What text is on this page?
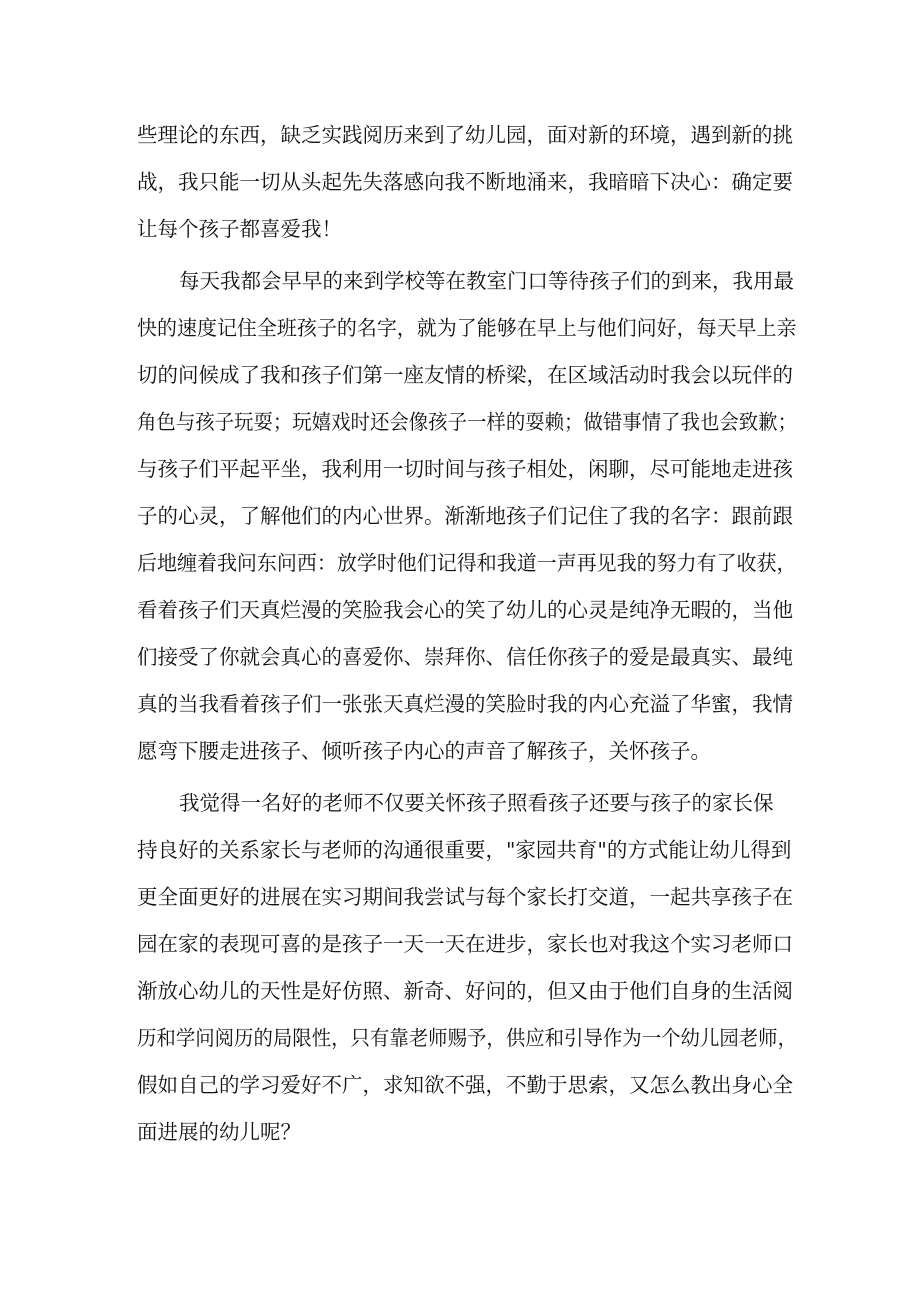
些理论的东西，缺乏实践阅历来到了幼儿园，面对新的环境，遇到新的挑
战，我只能一切从头起先失落感向我不断地涌来，我暗暗下决心：确定要
让每个孩子都喜爱我！
每天我都会早早的来到学校等在教室门口等待孩子们的到来，我用最
快的速度记住全班孩子的名字，就为了能够在早上与他们问好，每天早上亲
切的问候成了我和孩子们第一座友情的桥梁，在区域活动时我会以玩伴的
角色与孩子玩耍；玩嬉戏时还会像孩子一样的耍赖；做错事情了我也会致歉；
与孩子们平起平坐，我利用一切时间与孩子相处，闲聊，尽可能地走进孩
子的心灵，了解他们的内心世界。渐渐地孩子们记住了我的名字：跟前跟
后地缠着我问东问西：放学时他们记得和我道一声再见我的努力有了收获，
看着孩子们天真烂漫的笑脸我会心的笑了幼儿的心灵是纯净无暇的，当他
们接受了你就会真心的喜爱你、崇拜你、信任你孩子的爱是最真实、最纯
真的当我看着孩子们一张张天真烂漫的笑脸时我的内心充溢了华蜜，我情
愿弯下腰走进孩子、倾听孩子内心的声音了解孩子，关怀孩子。
我觉得一名好的老师不仅要关怀孩子照看孩子还要与孩子的家长保
持良好的关系家长与老师的沟通很重要，"家园共育"的方式能让幼儿得到
更全面更好的进展在实习期间我尝试与每个家长打交道，一起共享孩子在
园在家的表现可喜的是孩子一天一天在进步，家长也对我这个实习老师口
渐放心幼儿的天性是好仿照、新奇、好问的，但又由于他们自身的生活阅
历和学问阅历的局限性，只有靠老师赐予，供应和引导作为一个幼儿园老师，
假如自己的学习爱好不广，求知欲不强，不勤于思索，又怎么教出身心全
面进展的幼儿呢？
